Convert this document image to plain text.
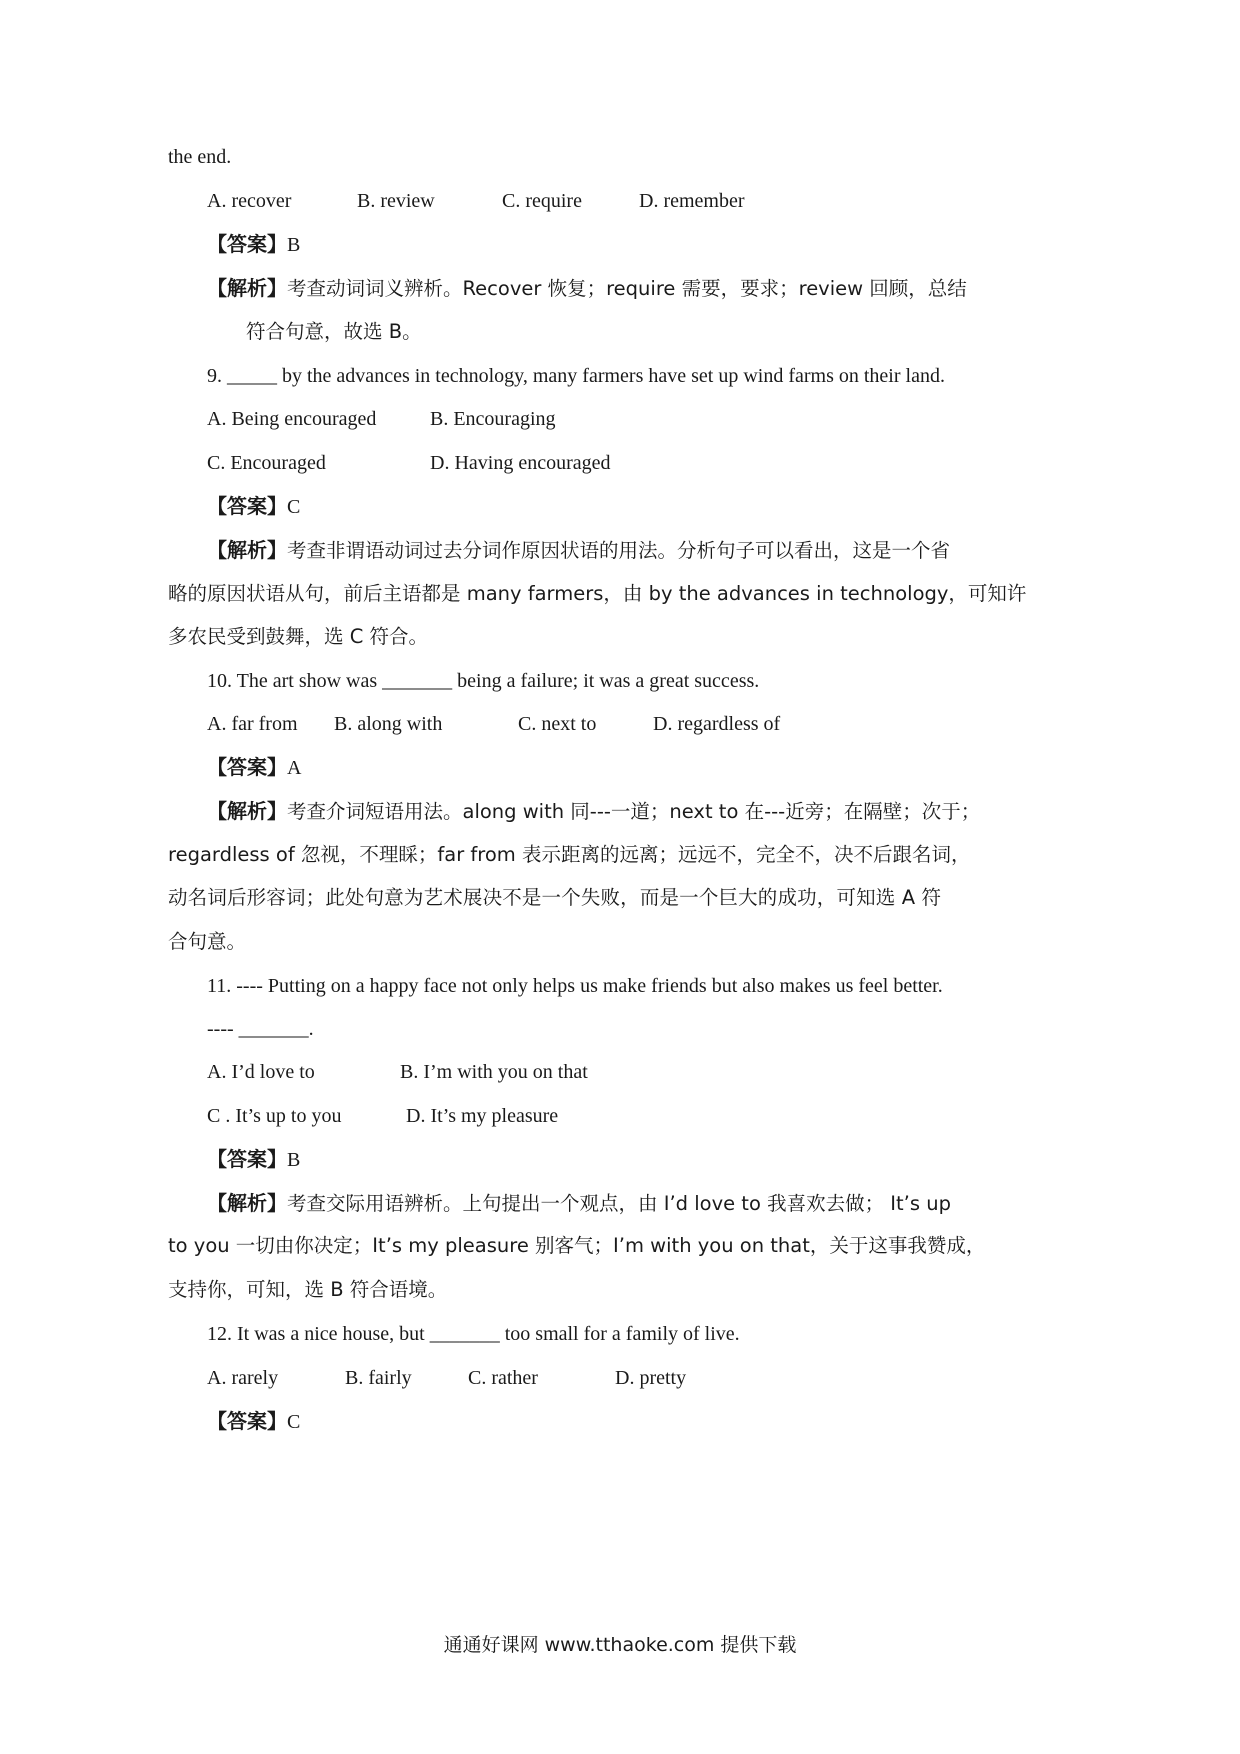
the end.
A. recover	B. review	C. require	D. remember
【答案】B
【解析】考查动词词义辨析。Recover 恢复；require 需要，要求；review 回顾，总结
符合句意，故选 B。
9. _____ by the advances in technology, many farmers have set up wind farms on their land.
A. Being encouraged	B. Encouraging
C. Encouraged	D. Having encouraged
【答案】C
【解析】考查非谓语动词过去分词作原因状语的用法。分析句子可以看出，这是一个省
略的原因状语从句，前后主语都是 many farmers，由 by the advances in technology，可知许
多农民受到鼓舞，选 C 符合。
10. The art show was _______ being a failure; it was a great success.
A. far from B. along with	C. next to	D. regardless of
【答案】A
【解析】考查介词短语用法。along with 同---一道；next to 在---近旁；在隔壁；次于；
regardless of 忽视，不理睬；far from 表示距离的远离；远远不，完全不，决不后跟名词，
动名词后形容词；此处句意为艺术展决不是一个失败，而是一个巨大的成功，可知选 A 符
合句意。
11. ---- Putting on a happy face not only helps us make friends but also makes us feel better.
---- _______.
A. I’d love to	B. I’m with you on that
C . It’s up to you	D. It’s my pleasure
【答案】B
【解析】考查交际用语辨析。上句提出一个观点，由 I’d love to 我喜欢去做； It’s up
to you 一切由你决定；It’s my pleasure 别客气；I’m with you on that，关于这事我赞成，
支持你，可知，选 B 符合语境。
12. It was a nice house, but _______ too small for a family of live.
A. rarely	B. fairly	C. rather	D. pretty
【答案】C
通通好课网 www.tthaoke.com 提供下载
